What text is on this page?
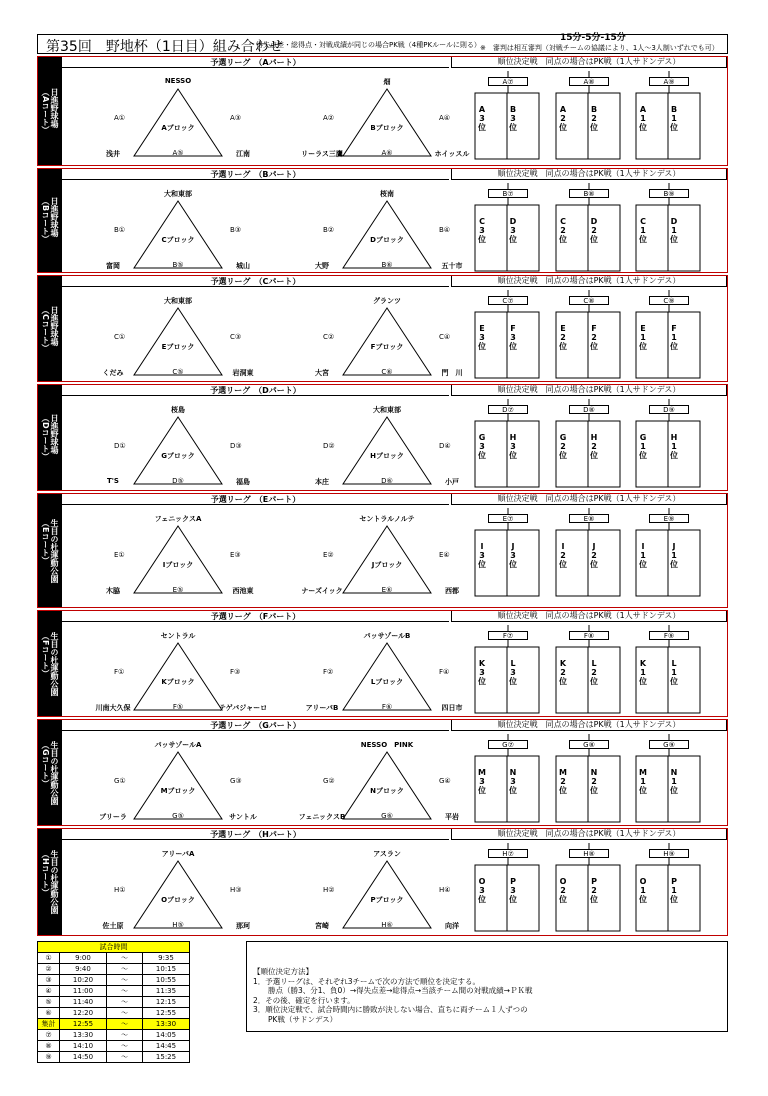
第35回　野地杯（1日目）組み合わせ
得失点差・総得点・対戦成績が同じの場合PK戦（4種PKルールに則る） ※　審判は相互審判（対戦チームの協議により、1人～3人制いずれでも可）
15分-5分-15分
日進野球場
（Aコート）
予選リーグ　（Aパート）	順位決定戦　同点の場合はPK戦（1人サドンデス）
NESSO
Aブロック
浅井	江南
A①	A③
A⑤
畑
Bブロック
リーラス三鷹	ホイッスル
A②	A④
A⑥
A⑦
A
3
位
B
3
位
A⑧
A
2
位
B
2
位
A⑨
A
1
位
B
1
位
日進野球場
（Bコート）
予選リーグ　（Bパート）	順位決定戦　同点の場合はPK戦（1人サドンデス）
大和東部
Cブロック
富岡	城山
B①	B③
B⑤
桜南
Dブロック
大野	五十市
B②	B④
B⑥
B⑦
C
3
位
D
3
位
B⑧
C
2
位
D
2
位
B⑨
C
1
位
D
1
位
日進野球場
（Cコート）
予選リーグ　（Cパート）	順位決定戦　同点の場合はPK戦（1人サドンデス）
大和東部
Eブロック
くだみ	岩洞東
C①	C③
C⑤
グランツ
Fブロック
大宮	門　川
C②	C④
C⑥
C⑦
E
3
位
F
3
位
C⑧
E
2
位
F
2
位
C⑨
E
1
位
F
1
位
日進野球場
（Dコート）
予選リーグ　（Dパート）	順位決定戦　同点の場合はPK戦（1人サドンデス）
桜島
Gブロック
T'S	福島
D①	D③
D⑤
大和東部
Hブロック
本庄	小戸
D②	D④
D⑥
D⑦
G
3
位
H
3
位
D⑧
G
2
位
H
2
位
D⑨
G
1
位
H
1
位
生目の杜運動公園
（Eコート）
予選リーグ　（Eパート）	順位決定戦　同点の場合はPK戦（1人サドンデス）
フェニックスA
Iブロック
木脇	西池東
E①	E③
E⑤
セントラルノルテ
Jブロック
ナーズイック	西都
E②	E④
E⑥
E⑦
I
3
位
J
3
位
E⑧
I
2
位
J
2
位
E⑨
I
1
位
J
1
位
生目の杜運動公園
（Fコート）
予選リーグ　（Fパート）	順位決定戦　同点の場合はPK戦（1人サドンデス）
セントラル
Kブロック
川南大久保	テゲバジャーロ
F①	F③
F⑤
パッサゾールB
Lブロック
アリーバB	四日市
F②	F④
F⑥
F⑦
K
3
位
L
3
位
F⑧
K
2
位
L
2
位
F⑨
K
1
位
L
1
位
生目の杜運動公園
（Gコート）
予選リーグ　（Gパート）	順位決定戦　同点の場合はPK戦（1人サドンデス）
パッサゾールA
Mブロック
ブリーラ	サントル
G①	G③
G⑤
NESSO　PINK
Nブロック
フェニックスB	平岩
G②	G④
G⑥
G⑦
M
3
位
N
3
位
G⑧
M
2
位
N
2
位
G⑨
M
1
位
N
1
位
生目の杜運動公園
（Hコート）
予選リーグ　（Hパート）	順位決定戦　同点の場合はPK戦（1人サドンデス）
アリーバA
Oブロック
佐土原	那珂
H①	H③
H⑤
アスラン
Pブロック
宮崎	向洋
H②	H④
H⑥
H⑦
O
3
位
P
3
位
H⑧
O
2
位
P
2
位
H⑨
O
1
位
P
1
位
試合時間			
①	9:00	～	9:35
②	9:40	～	10:15
③	10:20	～	10:55
④	11:00	～	11:35
⑤	11:40	～	12:15
⑥	12:20	～	12:55
集計	12:55	～	13:30
⑦	13:30	～	14:05
⑧	14:10	～	14:45
⑨	14:50	～	15:25
【順位決定方法】
1．予選リーグは、それぞれ3チームで次の方法で順位を決定する。
　　勝点（勝3、分1、負0）→得失点差→総得点→当該チーム間の対戦成績→ＰＫ戦
2．その後、確定を行います。
3．順位決定戦で、試合時間内に勝敗が決しない場合、直ちに両チーム１人ずつの
　　PK戦（サドンデス）
